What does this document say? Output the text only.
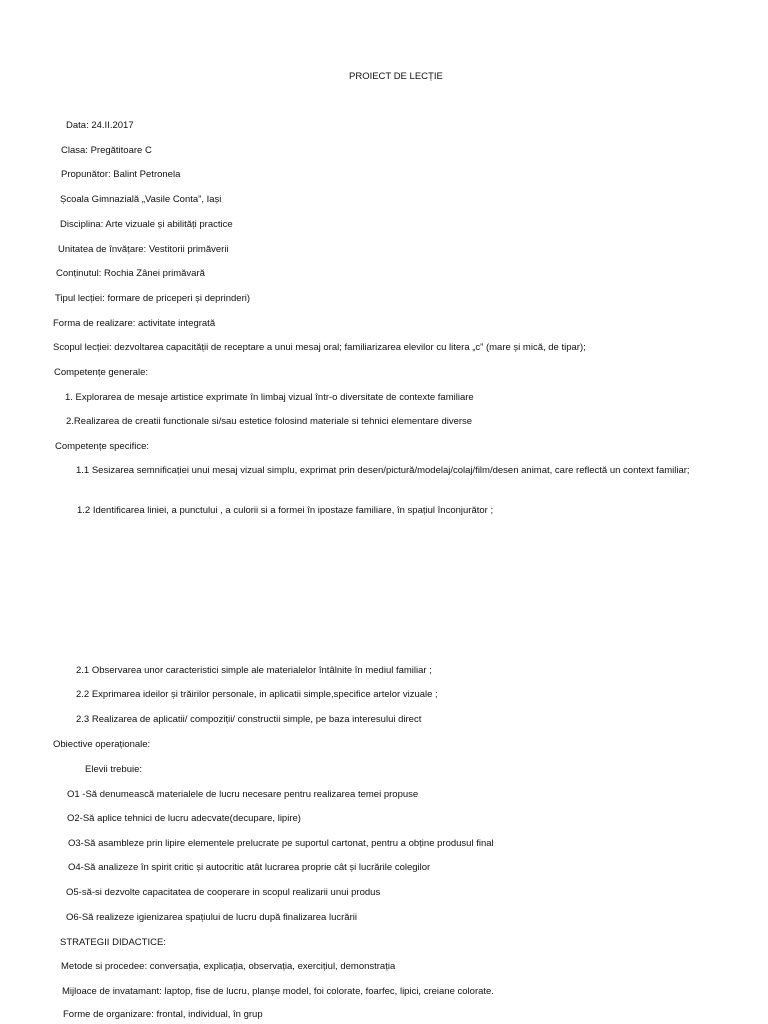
PROIECT DE LECȚIE
Data: 24.II.2017
Clasa: Pregătitoare C
Propunător: Balint Petronela
Școala Gimnazială „Vasile Conta”, Iași
Disciplina: Arte vizuale și abilități practice
Unitatea de învățare: Vestitorii primăverii
Conținutul: Rochia Zânei primăvară
Tipul lecției: formare de priceperi și deprinderi)
Forma de realizare: activitate integrată
Scopul lecției: dezvoltarea capacității de receptare a unui mesaj oral; familiarizarea elevilor cu litera „c” (mare și mică, de tipar);
Competențe generale:
1. Explorarea de mesaje artistice exprimate în limbaj vizual într-o diversitate de contexte familiare
2.Realizarea de creatii functionale si/sau estetice folosind materiale si tehnici elementare diverse
Competențe specifice:
1.1 Sesizarea semnificației unui mesaj vizual simplu, exprimat prin desen/pictură/modelaj/colaj/film/desen animat, care reflectă un context familiar;
1.2 Identificarea liniei, a punctului , a culorii si a formei în ipostaze familiare, în spațiul înconjurător ;
2.1 Observarea unor caracteristici simple ale materialelor întâlnite în mediul familiar ;
2.2 Exprimarea ideilor și trăirilor personale, in aplicatii simple,specifice artelor vizuale ;
2.3 Realizarea de aplicatii/ compoziții/ constructii simple, pe baza interesului direct
Obiective operaționale:
Elevii trebuie:
O1 -Să denumească materialele de lucru necesare pentru realizarea temei propuse
O2-Să aplice tehnici de lucru adecvate(decupare, lipire)
O3-Să asambleze prin lipire elementele prelucrate pe suportul cartonat, pentru a obține produsul final
O4-Să analizeze în spirit critic și autocritic atât lucrarea proprie cât și lucrările colegilor
O5-să-si dezvolte capacitatea de cooperare in scopul realizarii unui produs
O6-Să realizeze igienizarea spațiului de lucru după finalizarea lucrării
STRATEGII DIDACTICE:
Metode si procedee: conversația, explicația, observația, exercițiul, demonstrația
Mijloace de invatamant: laptop, fise de lucru, planșe model, foi colorate, foarfec, lipici, creiane colorate.
Forme de organizare: frontal, individual, în grup
